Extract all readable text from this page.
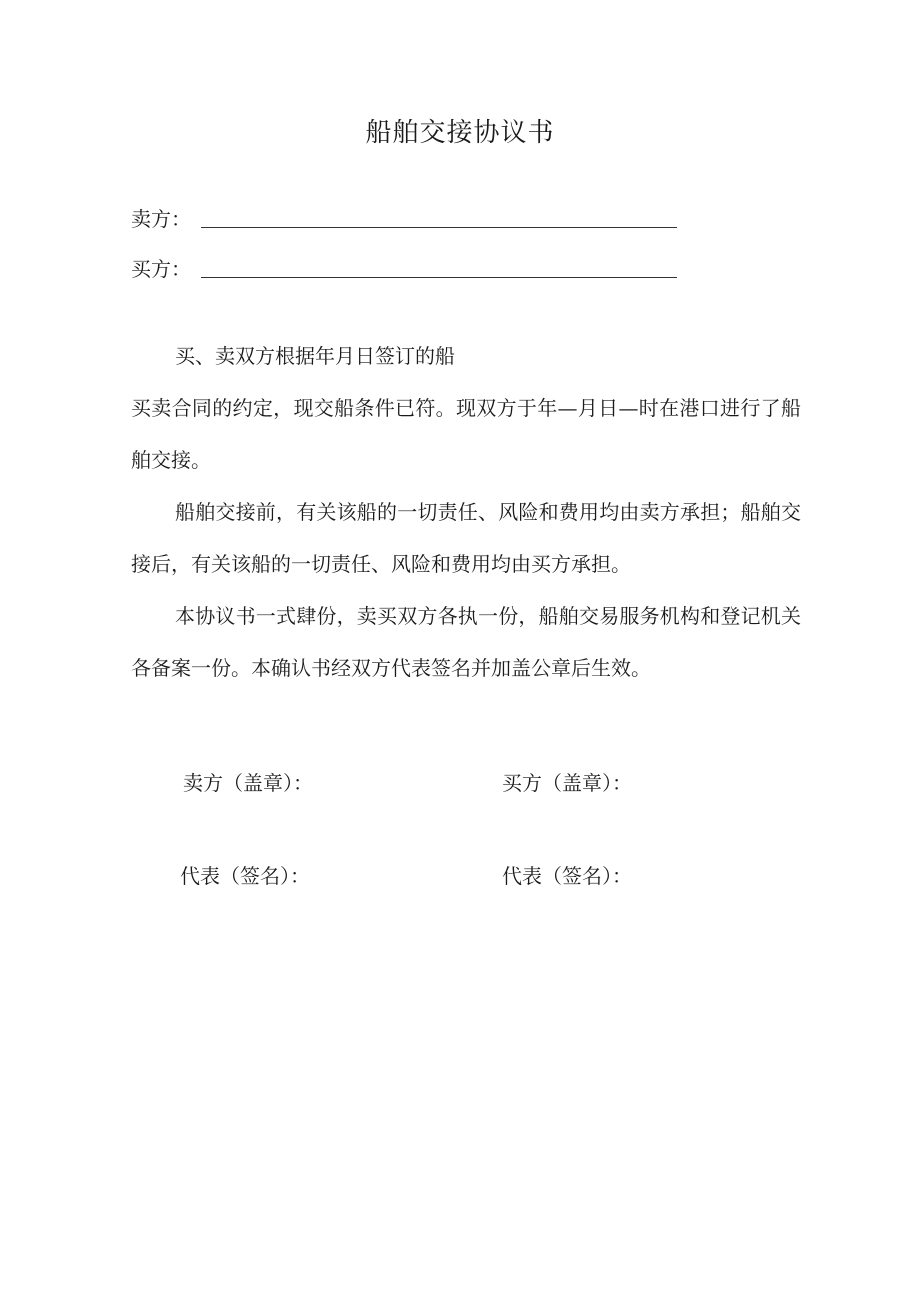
船舶交接协议书
卖方：
买方：

买、卖双方根据年月日签订的船

买卖合同的约定，现交船条件已符。现双方于年—月日—时在港口进行了船舶交接。

船舶交接前，有关该船的一切责任、风险和费用均由卖方承担；船舶交接后，有关该船的一切责任、风险和费用均由买方承担。

本协议书一式肆份，卖买双方各执一份，船舶交易服务机构和登记机关各备案一份。本确认书经双方代表签名并加盖公章后生效。

卖方（盖章）：	买方（盖章）：
代表（签名）：	代表（签名）：
